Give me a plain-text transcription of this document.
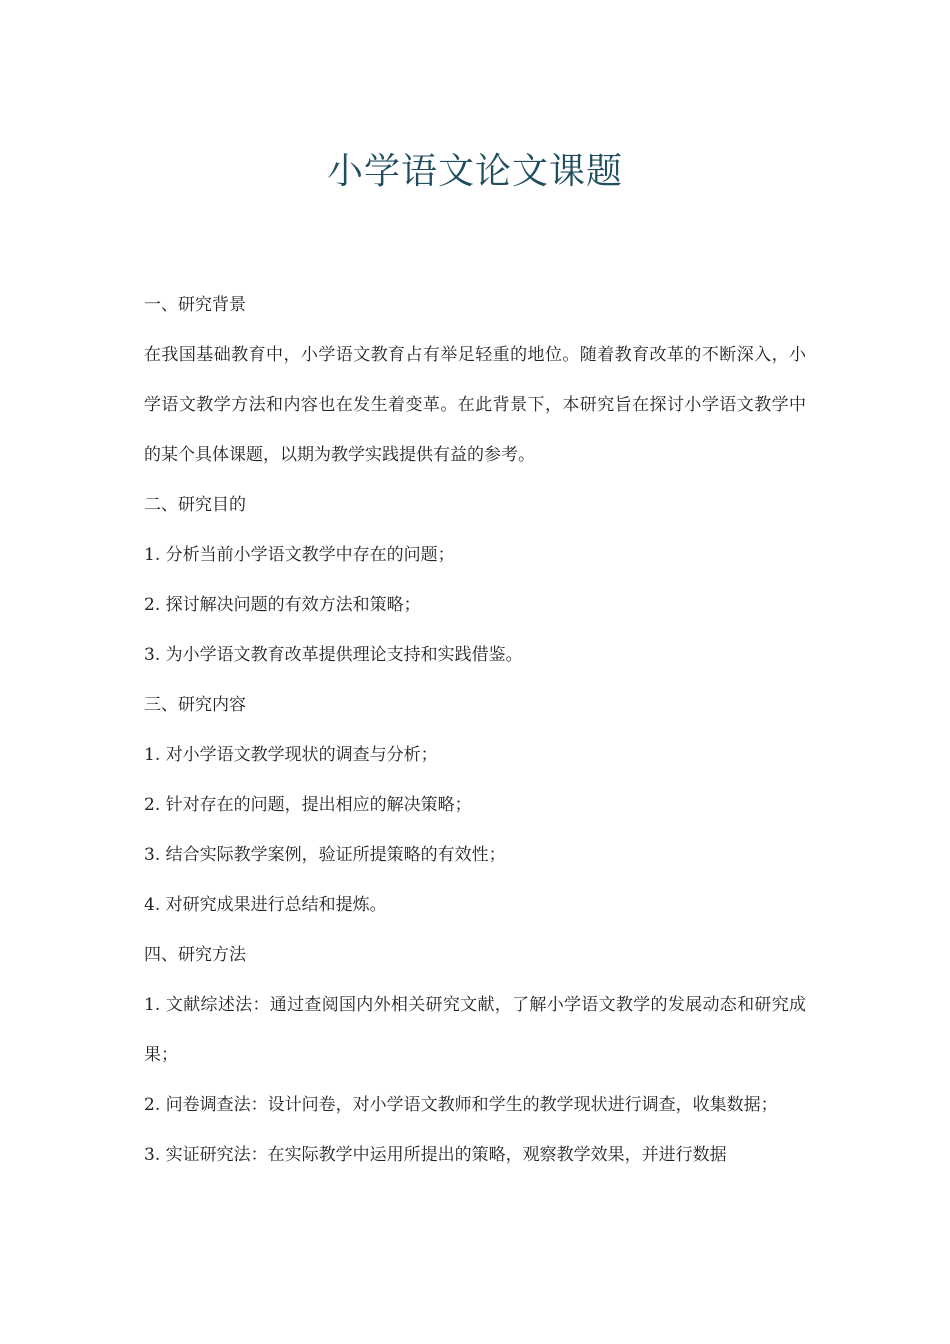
小学语文论文课题

一、研究背景

在我国基础教育中，小学语文教育占有举足轻重的地位。随着教育改革的不断深入，小学语文教学方法和内容也在发生着变革。在此背景下，本研究旨在探讨小学语文教学中的某个具体课题，以期为教学实践提供有益的参考。

二、研究目的

1. 分析当前小学语文教学中存在的问题；

2. 探讨解决问题的有效方法和策略；

3. 为小学语文教育改革提供理论支持和实践借鉴。

三、研究内容

1. 对小学语文教学现状的调查与分析；

2. 针对存在的问题，提出相应的解决策略；

3. 结合实际教学案例，验证所提策略的有效性；

4. 对研究成果进行总结和提炼。

四、研究方法

1. 文献综述法：通过查阅国内外相关研究文献，了解小学语文教学的发展动态和研究成果；

2. 问卷调查法：设计问卷，对小学语文教师和学生的教学现状进行调查，收集数据；

3. 实证研究法：在实际教学中运用所提出的策略，观察教学效果，并进行数据
